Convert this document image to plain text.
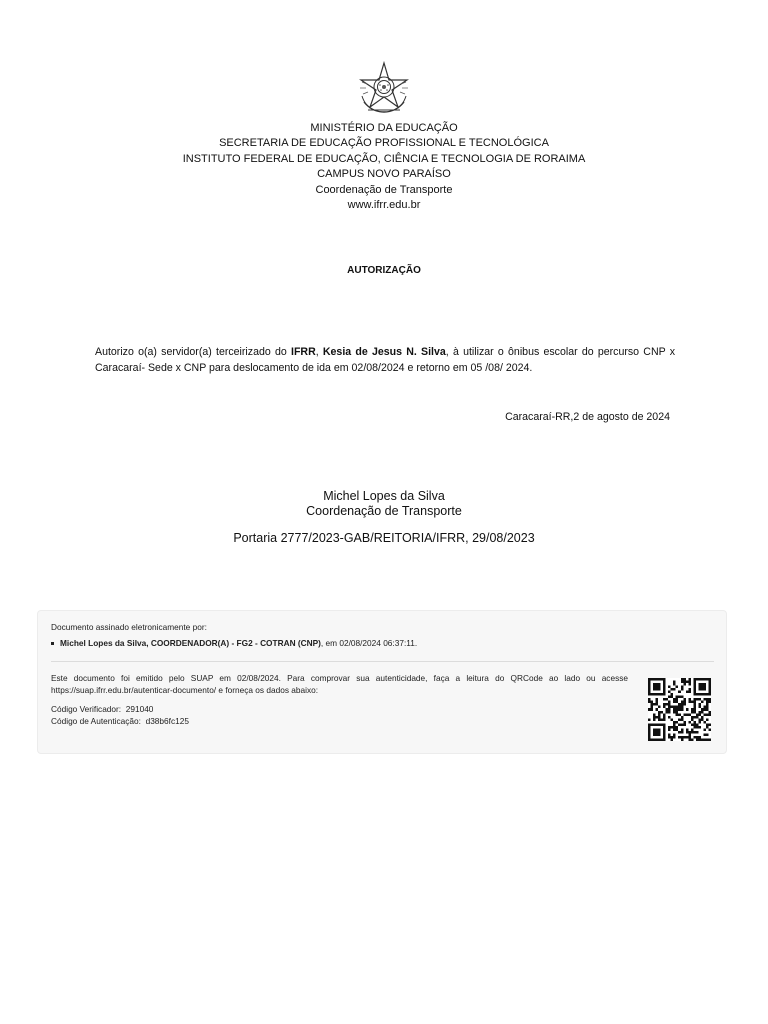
MINISTÉRIO DA EDUCAÇÃO
SECRETARIA DE EDUCAÇÃO PROFISSIONAL E TECNOLÓGICA
INSTITUTO FEDERAL DE EDUCAÇÃO, CIÊNCIA E TECNOLOGIA DE RORAIMA
CAMPUS NOVO PARAÍSO
Coordenação de Transporte
www.ifrr.edu.br
AUTORIZAÇÃO
Autorizo o(a) servidor(a) terceirizado do IFRR, Kesia de Jesus N. Silva, à utilizar o ônibus escolar do percurso CNP x Caracaraí- Sede x CNP para deslocamento de ida em 02/08/2024 e retorno em 05 /08/ 2024.
Caracaraí-RR,2 de agosto de 2024
Michel Lopes da Silva
Coordenação de Transporte
Portaria 2777/2023-GAB/REITORIA/IFRR, 29/08/2023
Documento assinado eletronicamente por:
Michel Lopes da Silva, COORDENADOR(A) - FG2 - COTRAN (CNP), em 02/08/2024 06:37:11.
Este documento foi emitido pelo SUAP em 02/08/2024. Para comprovar sua autenticidade, faça a leitura do QRCode ao lado ou acesse https://suap.ifrr.edu.br/autenticar-documento/ e forneça os dados abaixo:
Código Verificador: 291040
Código de Autenticação: d38b6fc125
